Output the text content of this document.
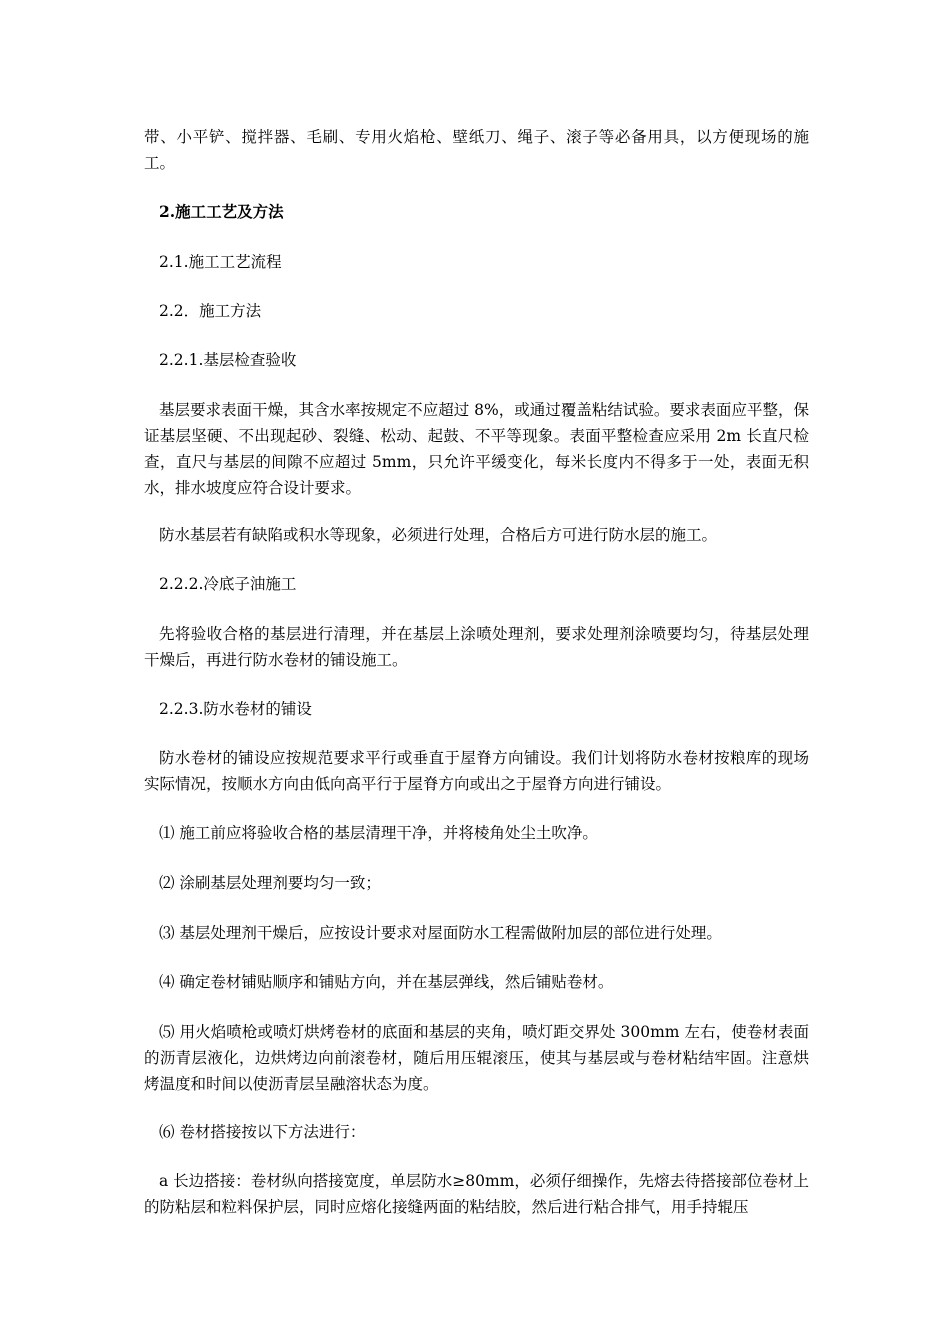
带、小平铲、搅拌器、毛刷、专用火焰枪、壁纸刀、绳子、滚子等必备用具，以方便现场的施工。

2.施工工艺及方法

2.1.施工工艺流程

2.2．施工方法

2.2.1.基层检查验收

基层要求表面干燥，其含水率按规定不应超过 8%，或通过覆盖粘结试验。要求表面应平整，保证基层坚硬、不出现起砂、裂缝、松动、起鼓、不平等现象。表面平整检查应采用 2m 长直尺检查，直尺与基层的间隙不应超过 5mm，只允许平缓变化，每米长度内不得多于一处，表面无积水，排水坡度应符合设计要求。

防水基层若有缺陷或积水等现象，必须进行处理，合格后方可进行防水层的施工。

2.2.2.冷底子油施工

先将验收合格的基层进行清理，并在基层上涂喷处理剂，要求处理剂涂喷要均匀，待基层处理干燥后，再进行防水卷材的铺设施工。

2.2.3.防水卷材的铺设

防水卷材的铺设应按规范要求平行或垂直于屋脊方向铺设。我们计划将防水卷材按粮库的现场实际情况，按顺水方向由低向高平行于屋脊方向或出之于屋脊方向进行铺设。

⑴ 施工前应将验收合格的基层清理干净，并将棱角处尘土吹净。

⑵ 涂刷基层处理剂要均匀一致；

⑶ 基层处理剂干燥后，应按设计要求对屋面防水工程需做附加层的部位进行处理。

⑷ 确定卷材铺贴顺序和铺贴方向，并在基层弹线，然后铺贴卷材。

⑸ 用火焰喷枪或喷灯烘烤卷材的底面和基层的夹角，喷灯距交界处 300mm 左右，使卷材表面的沥青层液化，边烘烤边向前滚卷材，随后用压辊滚压，使其与基层或与卷材粘结牢固。注意烘烤温度和时间以使沥青层呈融溶状态为度。

⑹ 卷材搭接按以下方法进行：

a 长边搭接：卷材纵向搭接宽度，单层防水≥80mm，必须仔细操作，先熔去待搭接部位卷材上的防粘层和粒料保护层，同时应熔化接缝两面的粘结胶，然后进行粘合排气，用手持辊压
